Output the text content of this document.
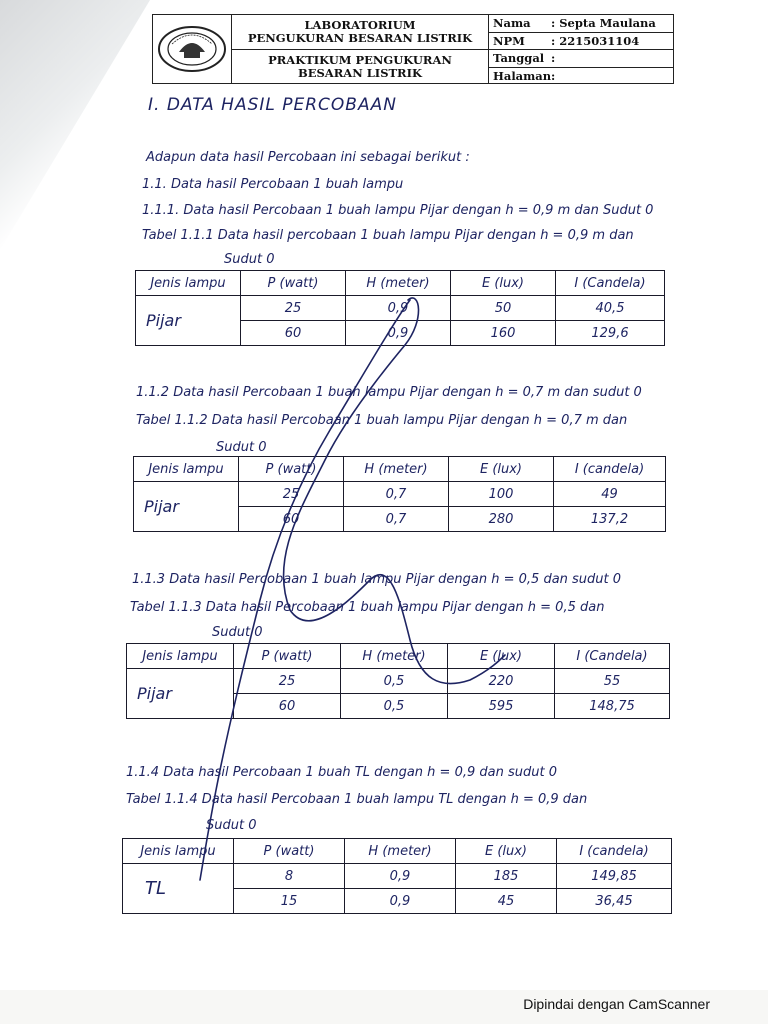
LABORATORIUM
PENGUKURAN BESARAN LISTRIK
PRAKTIKUM PENGUKURAN
BESARAN LISTRIK
Nama	: Septa Maulana
NPM	: 2215031104
Tanggal :
Halaman :
I. DATA HASIL PERCOBAAN
Adapun data hasil Percobaan ini sebagai berikut :
1.1. Data hasil Percobaan 1 buah lampu
1.1.1. Data hasil Percobaan 1 buah lampu Pijar dengan h = 0,9 m dan Sudut 0
Tabel 1.1.1 Data hasil percobaan 1 buah lampu Pijar dengan h = 0,9 m dan
Sudut 0
Jenis lampu	P (watt)	H (meter)	E (lux)	I (Candela)
Pijar	25	0,9	50	40,5
	60	0,9	160	129,6
1.1.2 Data hasil Percobaan 1 buah lampu Pijar dengan h = 0,7 m dan sudut 0
Tabel 1.1.2 Data hasil Percobaan 1 buah lampu Pijar dengan h = 0,7 m dan
Sudut 0
Jenis lampu	P (watt)	H (meter)	E (lux)	I (candela)
Pijar	25	0,7	100	49
	60	0,7	280	137,2
1.1.3 Data hasil Percobaan 1 buah lampu Pijar dengan h = 0,5 dan sudut 0
Tabel 1.1.3 Data hasil Percobaan 1 buah lampu Pijar dengan h = 0,5 dan
Sudut 0
Jenis lampu	P (watt)	H (meter)	E (lux)	I (Candela)
Pijar	25	0,5	220	55
	60	0,5	595	148,75
1.1.4 Data hasil Percobaan 1 buah TL dengan h = 0,9 dan sudut 0
Tabel 1.1.4 Data hasil Percobaan 1 buah lampu TL dengan h = 0,9 dan
Sudut 0
Jenis lampu	P (watt)	H (meter)	E (lux)	I (candela)
TL	8	0,9	185	149,85
	15	0,9	45	36,45
Dipindai dengan CamScanner
